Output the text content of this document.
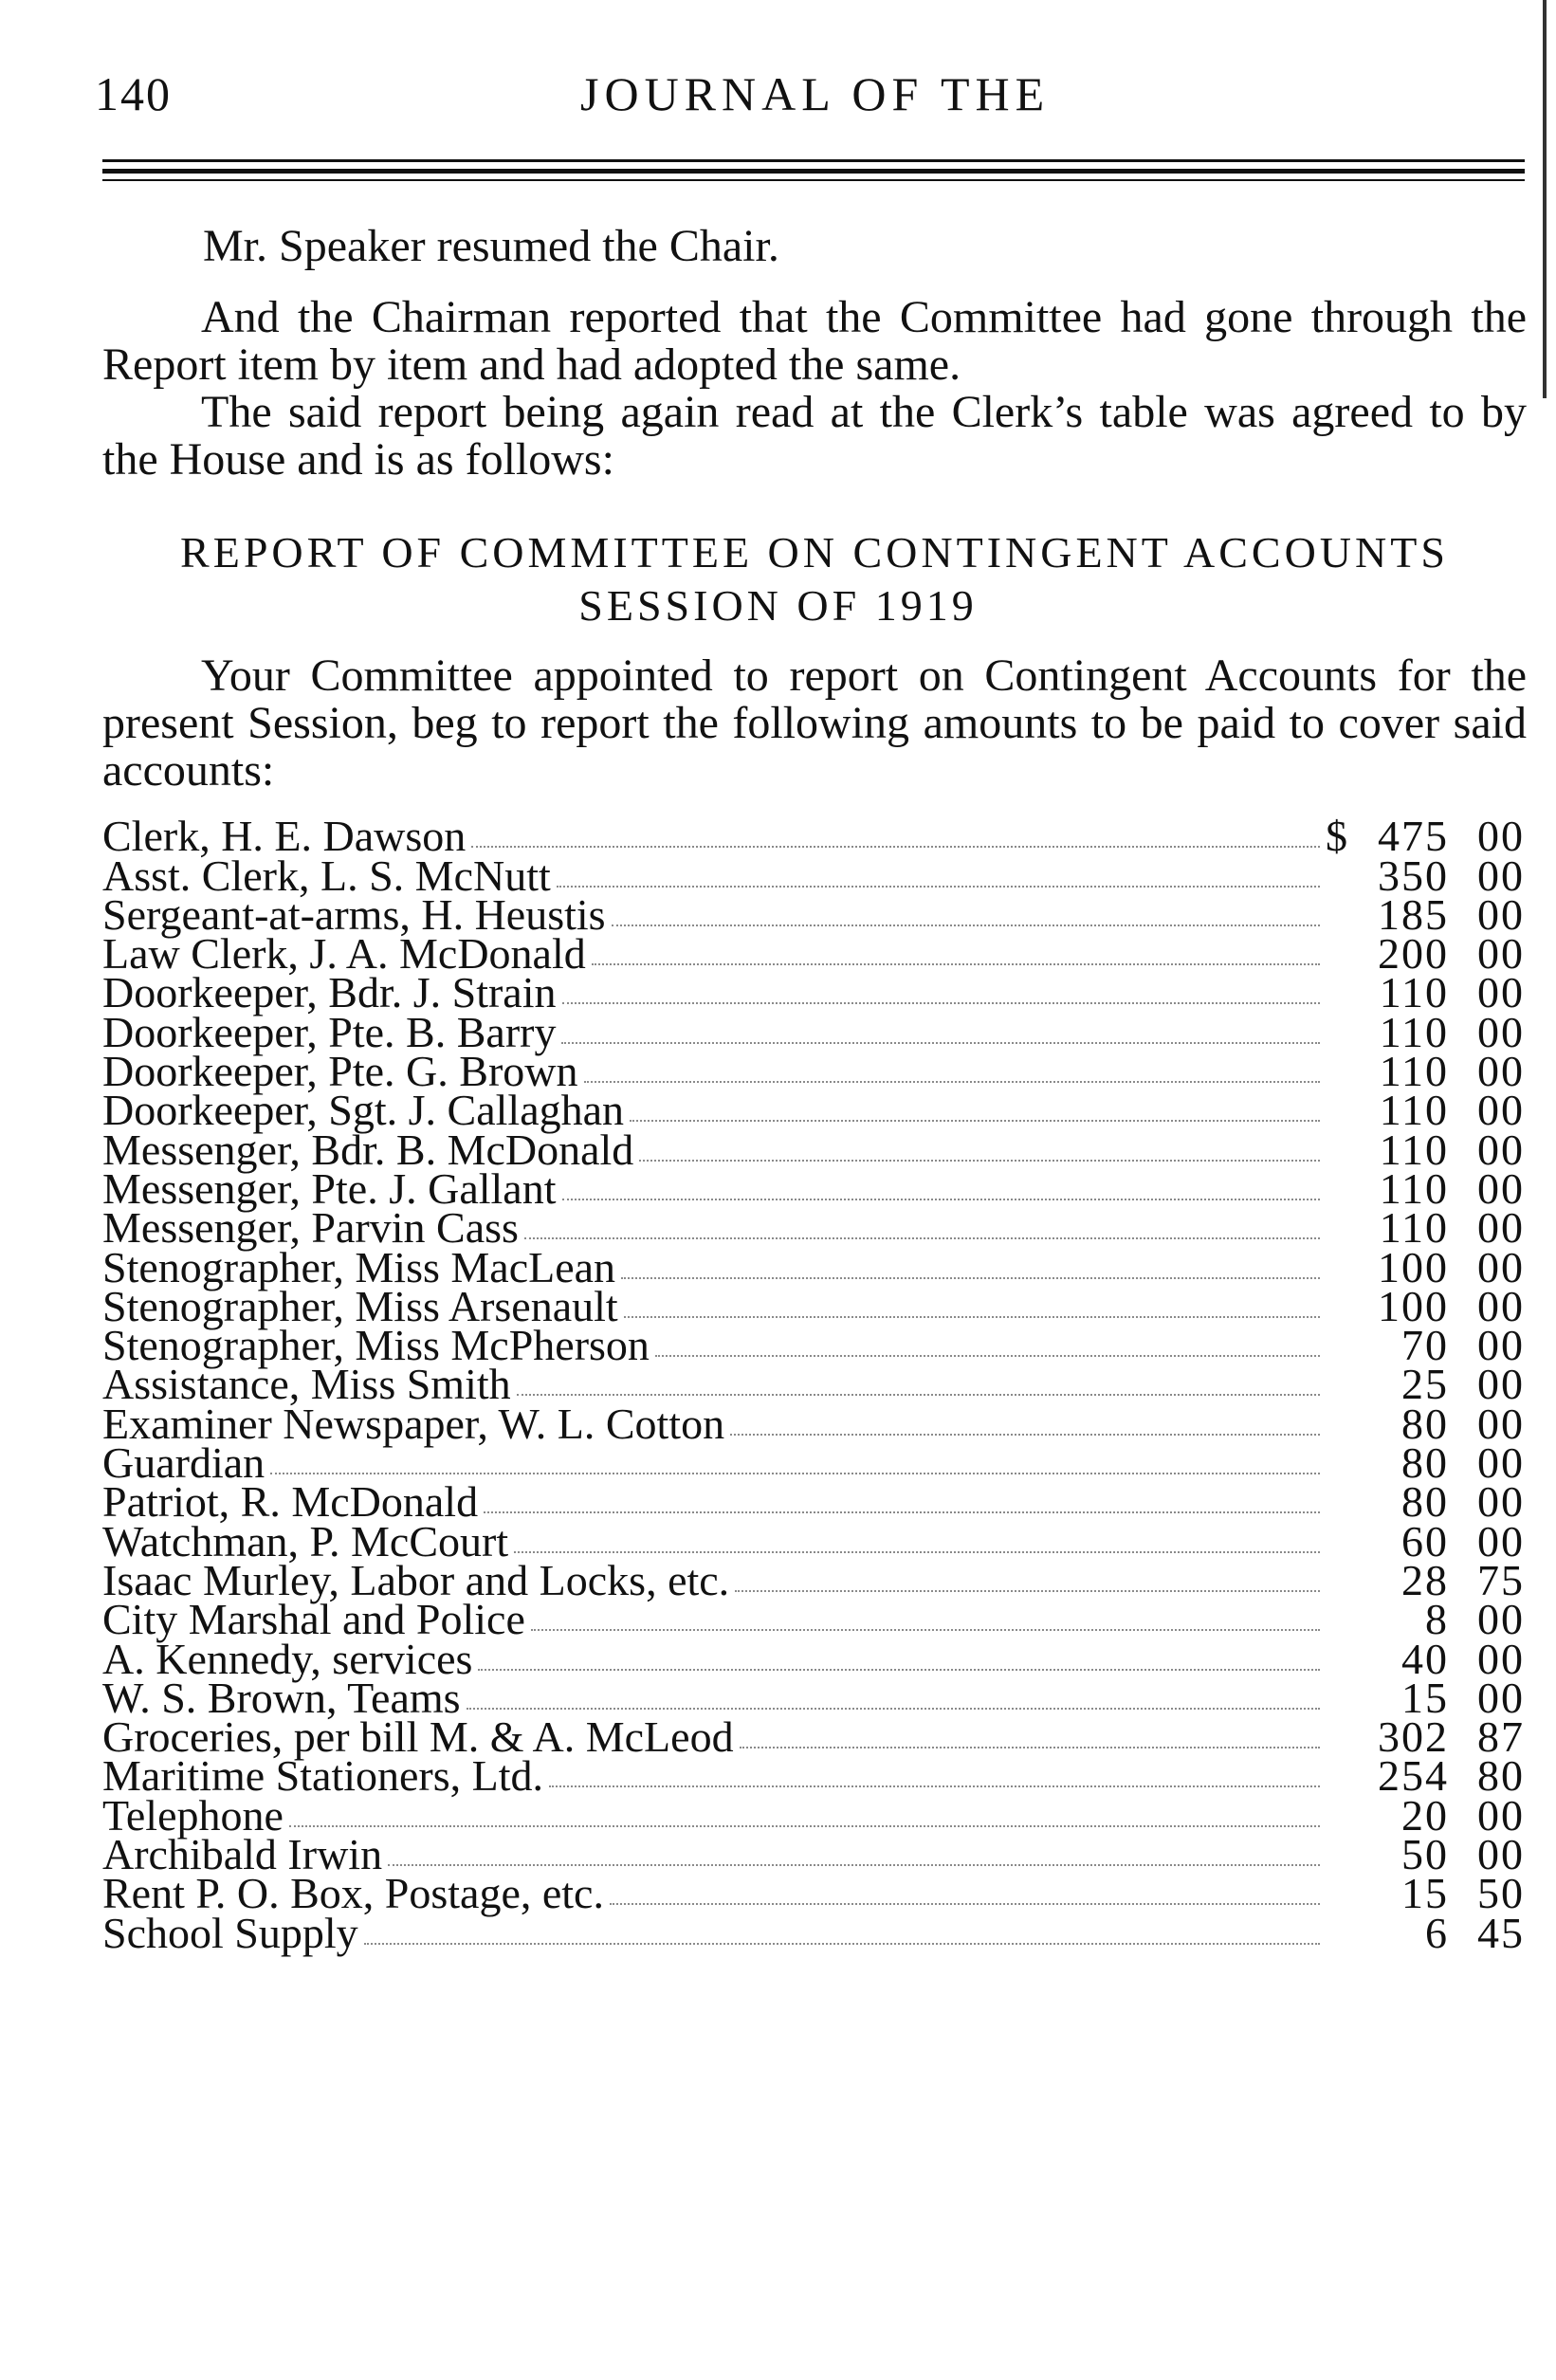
140	JOURNAL OF THE
Mr. Speaker resumed the Chair.

And the Chairman reported that the Committee had gone through the Report item by item and had adopted the same.

The said report being again read at the Clerk’s table was agreed to by the House and is as follows:

REPORT OF COMMITTEE ON CONTINGENT ACCOUNTS
SESSION OF 1919

Your Committee appointed to report on Contingent Accounts for the present Session, beg to report the following amounts to be paid to cover said accounts:

Clerk, H. E. Dawson	$ 475 00
Asst. Clerk, L. S. McNutt	350 00
Sergeant-at-arms, H. Heustis	185 00
Law Clerk, J. A. McDonald	200 00
Doorkeeper, Bdr. J. Strain	110 00
Doorkeeper, Pte. B. Barry	110 00
Doorkeeper, Pte. G. Brown	110 00
Doorkeeper, Sgt. J. Callaghan	110 00
Messenger, Bdr. B. McDonald	110 00
Messenger, Pte. J. Gallant	110 00
Messenger, Parvin Cass	110 00
Stenographer, Miss MacLean	100 00
Stenographer, Miss Arsenault	100 00
Stenographer, Miss McPherson	70 00
Assistance, Miss Smith	25 00
Examiner Newspaper, W. L. Cotton	80 00
Guardian	80 00
Patriot, R. McDonald	80 00
Watchman, P. McCourt	60 00
Isaac Murley, Labor and Locks, etc.	28 75
City Marshal and Police	8 00
A. Kennedy, services	40 00
W. S. Brown, Teams	15 00
Groceries, per bill M. & A. McLeod	302 87
Maritime Stationers, Ltd.	254 80
Telephone	20 00
Archibald Irwin	50 00
Rent P. O. Box, Postage, etc.	15 50
School Supply	6 45
